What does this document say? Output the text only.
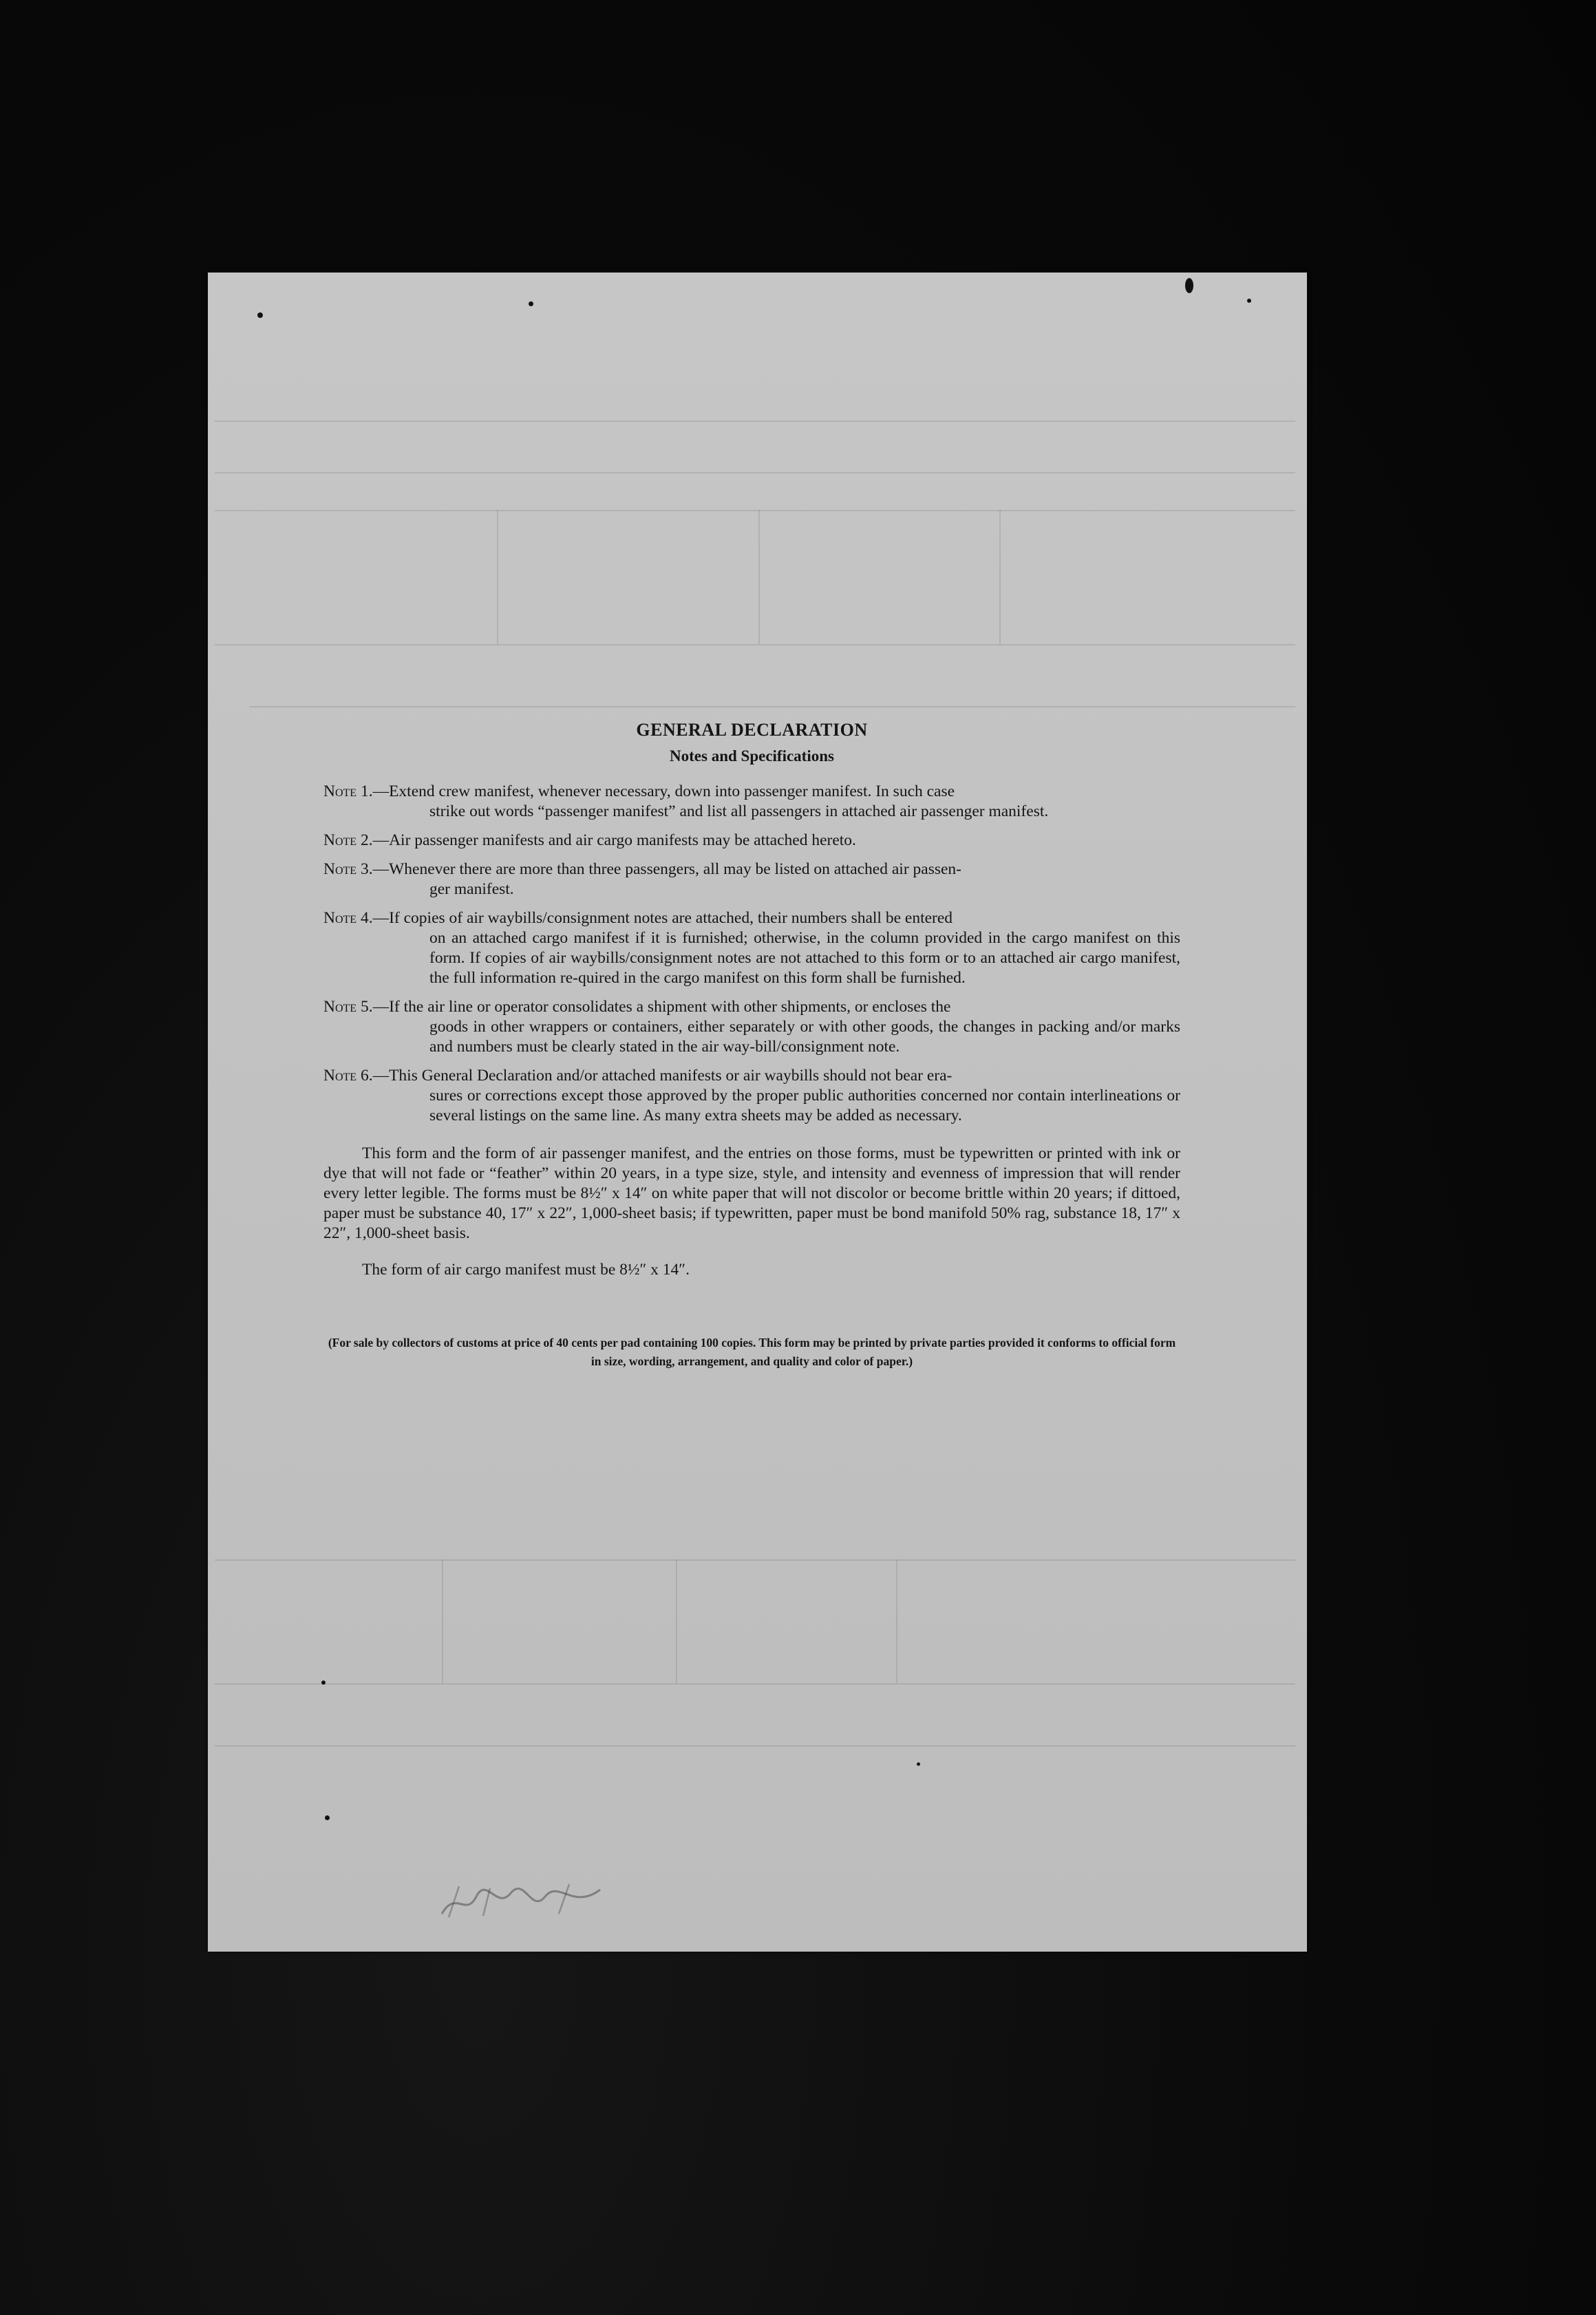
GENERAL DECLARATION
Notes and Specifications
Note 1.—Extend crew manifest, whenever necessary, down into passenger manifest. In such case
strike out words “passenger manifest” and list all passengers in attached air passenger manifest.
Note 2.—Air passenger manifests and air cargo manifests may be attached hereto.
Note 3.—Whenever there are more than three passengers, all may be listed on attached air passen-
ger manifest.
Note 4.—If copies of air waybills/consignment notes are attached, their numbers shall be entered
on an attached cargo manifest if it is furnished; otherwise, in the column provided in the cargo manifest on this form. If copies of air waybills/consignment notes are not attached to this form or to an attached air cargo manifest, the full information re-quired in the cargo manifest on this form shall be furnished.
Note 5.—If the air line or operator consolidates a shipment with other shipments, or encloses the
goods in other wrappers or containers, either separately or with other goods, the changes in packing and/or marks and numbers must be clearly stated in the air way-bill/consignment note.
Note 6.—This General Declaration and/or attached manifests or air waybills should not bear era-
sures or corrections except those approved by the proper public authorities concerned nor contain interlineations or several listings on the same line. As many extra sheets may be added as necessary.

This form and the form of air passenger manifest, and the entries on those forms, must be typewritten or printed with ink or dye that will not fade or “feather” within 20 years, in a type size, style, and intensity and evenness of impression that will render every letter legible. The forms must be 8½″ x 14″ on white paper that will not discolor or become brittle within 20 years; if dittoed, paper must be substance 40, 17″ x 22″, 1,000-sheet basis; if typewritten, paper must be bond manifold 50% rag, substance 18, 17″ x 22″, 1,000-sheet basis.

The form of air cargo manifest must be 8½″ x 14″.

(For sale by collectors of customs at price of 40 cents per pad containing 100 copies. This form may be printed by private parties provided it conforms to official form in size, wording, arrangement, and quality and color of paper.)
